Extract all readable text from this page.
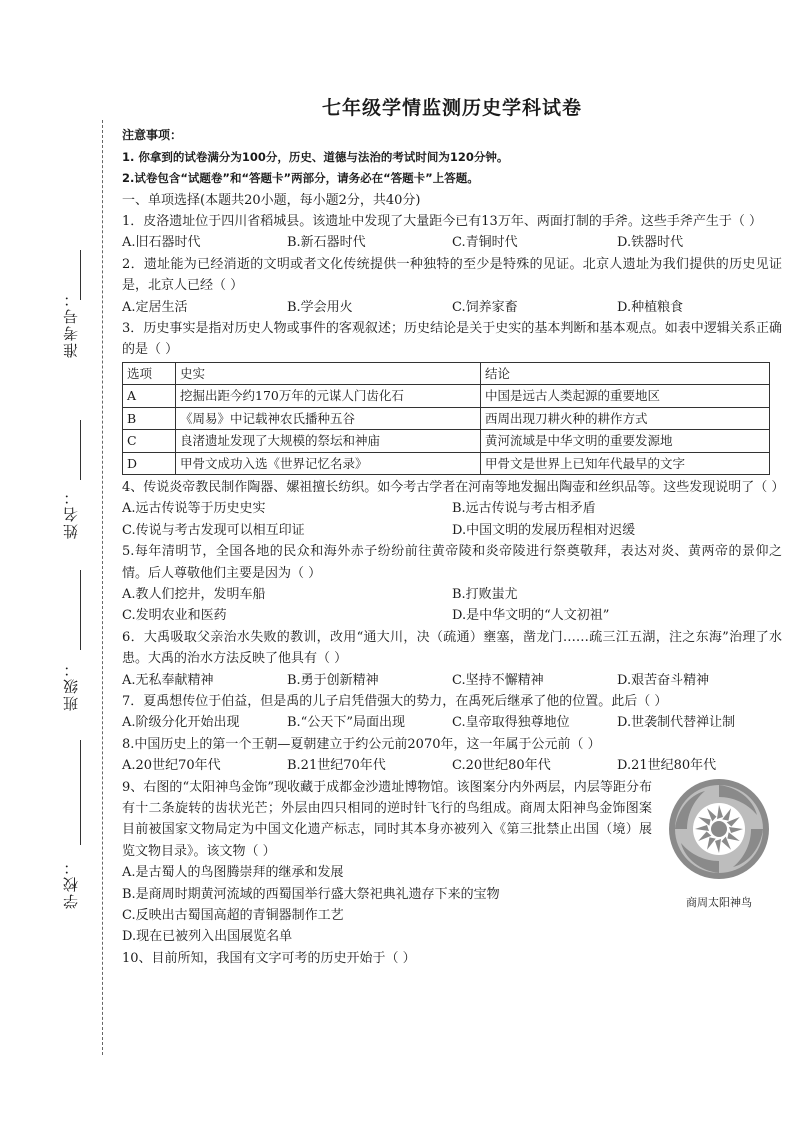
准考号：
姓名：
班级：
学校：
七年级学情监测历史学科试卷
注意事项：
1. 你拿到的试卷满分为100分，历史、道德与法治的考试时间为120分钟。
2.试卷包含“试题卷”和“答题卡”两部分，请务必在“答题卡”上答题。
一、单项选择(本题共20小题，每小题2分，共40分)

1．皮洛遗址位于四川省稻城县。该遗址中发现了大量距今已有13万年、两面打制的手斧。这些手斧产生于（ ）

A.旧石器时代	B.新石器时代	C.青铜时代	D.铁器时代

2．遗址能为已经消逝的文明或者文化传统提供一种独特的至少是特殊的见证。北京人遗址为我们提供的历史见证是，北京人已经（ ）

A.定居生活	B.学会用火	C.饲养家畜	D.种植粮食

3．历史事实是指对历史人物或事件的客观叙述；历史结论是关于史实的基本判断和基本观点。如表中逻辑关系正确的是（ ）

选项	史实	结论
A	挖掘出距今约170万年的元谋人门齿化石	中国是远古人类起源的重要地区
B	《周易》中记载神农氏播种五谷	西周出现刀耕火种的耕作方式
C	良渚遗址发现了大规模的祭坛和神庙	黄河流域是中华文明的重要发源地
D	甲骨文成功入选《世界记忆名录》	甲骨文是世界上已知年代最早的文字

4、传说炎帝教民制作陶器、嫘祖擅长纺织。如今考古学者在河南等地发掘出陶壶和丝织品等。这些发现说明了（ ）

A.远古传说等于历史史实	B.远古传说与考古相矛盾
C.传说与考古发现可以相互印证	D.中国文明的发展历程相对迟缓

5.每年清明节，全国各地的民众和海外赤子纷纷前往黄帝陵和炎帝陵进行祭奠敬拜，表达对炎、黄两帝的景仰之情。后人尊敬他们主要是因为（ ）

A.教人们挖井，发明车船	B.打败蚩尤
C.发明农业和医药	D.是中华文明的“人文初祖”

6．大禹吸取父亲治水失败的教训，改用“通大川，决（疏通）壅塞，凿龙门……疏三江五湖，注之东海”治理了水患。大禹的治水方法反映了他具有（ ）

A.无私奉献精神	B.勇于创新精神	C.坚持不懈精神	D.艰苦奋斗精神

7．夏禹想传位于伯益，但是禹的儿子启凭借强大的势力，在禹死后继承了他的位置。此后（ ）

A.阶级分化开始出现	B.“公天下”局面出现	C.皇帝取得独尊地位	D.世袭制代替禅让制

8.中国历史上的第一个王朝—夏朝建立于约公元前2070年，这一年属于公元前（ ）

A.20世纪70年代	B.21世纪70年代	C.20世纪80年代	D.21世纪80年代

9、右图的“太阳神鸟金饰”现收藏于成都金沙遗址博物馆。该图案分内外两层，内层等距分布有十二条旋转的齿状光芒；外层由四只相同的逆时针飞行的鸟组成。商周太阳神鸟金饰图案目前被国家文物局定为中国文化遗产标志，同时其本身亦被列入《第三批禁止出国（境）展览文物目录》。该文物（ ）

A.是古蜀人的鸟图腾崇拜的继承和发展
B.是商周时期黄河流域的西蜀国举行盛大祭祀典礼遗存下来的宝物
C.反映出古蜀国高超的青铜器制作工艺
D.现在已被列入出国展览名单
商周太阳神鸟

10、目前所知，我国有文字可考的历史开始于（ ）
